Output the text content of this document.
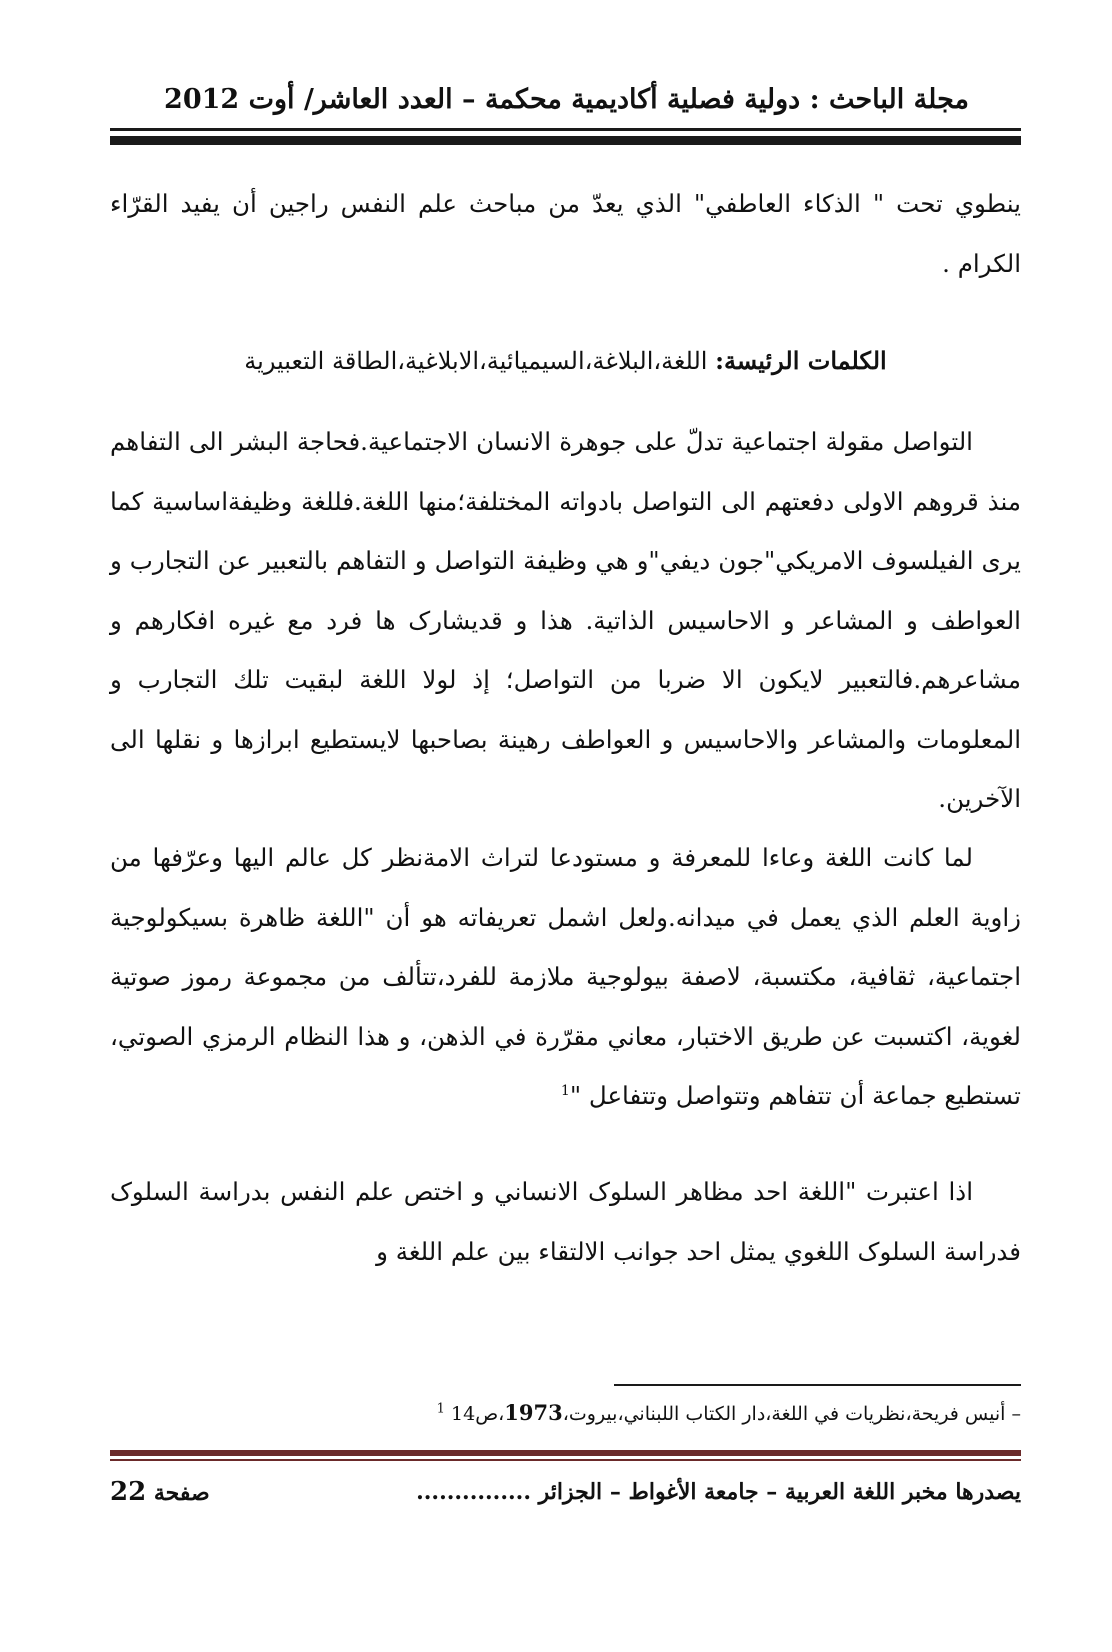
مجلة الباحث : دولية فصلية أكاديمية محكمة – العدد العاشر/ أوت 2012

ينطوي تحت " الذكاء العاطفي" الذي يعدّ من مباحث علم النفس راجين أن يفيد القرّاء الكرام .

الكلمات الرئيسة: اللغة،البلاغة،السيميائية،الابلاغية،الطاقة التعبيرية

التواصل مقولة اجتماعية تدلّ على جوهرة الانسان الاجتماعية.فحاجة البشر الى التفاهم منذ قروهم الاولى دفعتهم الى التواصل بادواته المختلفة؛منها اللغة.فللغة وظيفةاساسية كما يرى الفيلسوف الامريكي"جون ديفي"و هي وظيفة التواصل و التفاهم بالتعبير عن التجارب و العواطف و المشاعر و الاحاسيس الذاتية. هذا و قديشارک ها فرد مع غيره افكارهم و مشاعرهم.فالتعبير لايكون الا ضربا من التواصل؛ إذ لولا اللغة لبقيت تلك التجارب و المعلومات والمشاعر والاحاسيس و العواطف رهينة بصاحبها لايستطيع ابرازها و نقلها الى الآخرين.

لما كانت اللغة وعاءا للمعرفة و مستودعا لتراث الامةنظر كل عالم اليها وعرّفها من زاوية العلم الذي يعمل في ميدانه.ولعل اشمل تعريفاته هو أن "اللغة ظاهرة بسيكولوجية اجتماعية، ثقافية، مكتسبة، لاصفة بيولوجية ملازمة للفرد،تتألف من مجموعة رموز صوتية لغوية، اكتسبت عن طريق الاختبار، معاني مقرّرة في الذهن، و هذا النظام الرمزي الصوتي، تستطيع جماعة أن تتفاهم وتتواصل وتتفاعل "$^1$

اذا اعتبرت "اللغة احد مظاهر السلوک الانساني و اختص علم النفس بدراسة السلوک فدراسة السلوک اللغوي يمثل احد جوانب الالتقاء بين علم اللغة و

– أنيس فريحة،نظريات في اللغة،دار الكتاب اللبناني،بيروت،1973،ص14 $^1$
يصدرها مخبر اللغة العربية – جامعة الأغواط – الجزائر ...............
صفحة 22
